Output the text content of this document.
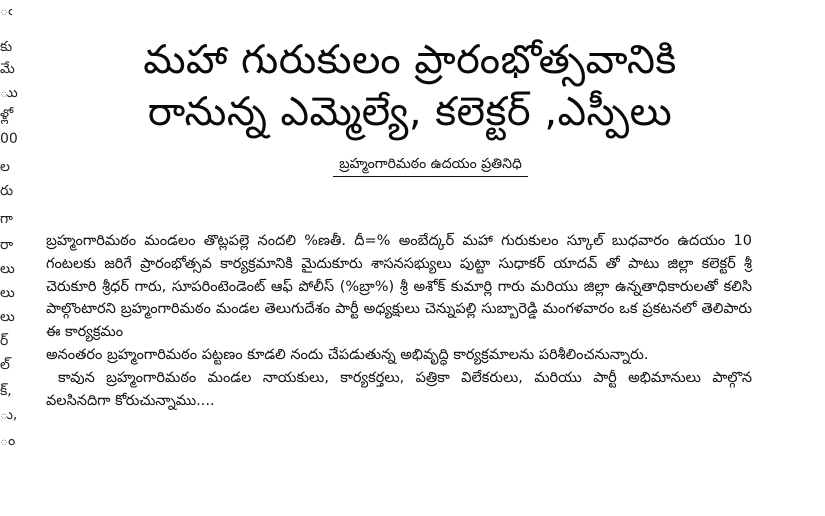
ఁ
కు
మే
ుు
ళ్లో
00
ల
రు
గా
రా
లు
లు
లు
ర్
ల్
క్,
ు,
ం
మహా గురుకులం ప్రారంభోత్సవానికి
రానున్న ఎమ్మెల్యే, కలెక్టర్ ,ఎస్పీలు
బ్రహ్మంగారిమఠం ఉదయం ప్రతినిధి

బ్రహ్మంగారిమఠం మండలం తొట్లపల్లె నందలి %ణతీ. దీ=% అంబేద్కర్ మహా గురుకులం స్కూల్ బుధవారం ఉదయం 10 గంటలకు జరిగే ప్రారంభోత్సవ కార్యక్రమానికి మైదుకూరు శాసనసభ్యులు పుట్టా సుధాకర్ యాదవ్ తో పాటు జిల్లా కలెక్టర్ శ్రీ చెరుకూరి శ్రీధర్ గారు, సూపరింటెండెంట్ ఆఫ్ పోలీస్ (%బ్రా%) శ్రీ అశోక్ కుమార్లి గారు మరియు జిల్లా ఉన్నతాధికారులతో కలిసి పాల్గొంటారని బ్రహ్మంగారిమఠం మండల తెలుగుదేశం పార్టీ అధ్యక్షులు చెన్నుపల్లి సుబ్బారెడ్డి మంగళవారం ఒక ప్రకటనలో తెలిపారు ఈ కార్యక్రమం

అనంతరం బ్రహ్మంగారిమఠం పట్టణం కూడలి నందు చేపడుతున్న అభివృద్ధి కార్యక్రమాలను పరిశీలించనున్నారు.

కావున బ్రహ్మంగారిమఠం మండల నాయకులు, కార్యకర్తలు, పత్రికా విలేకరులు, మరియు పార్టీ అభిమానులు పాల్గొన వలసినదిగా కోరుచున్నాము....
